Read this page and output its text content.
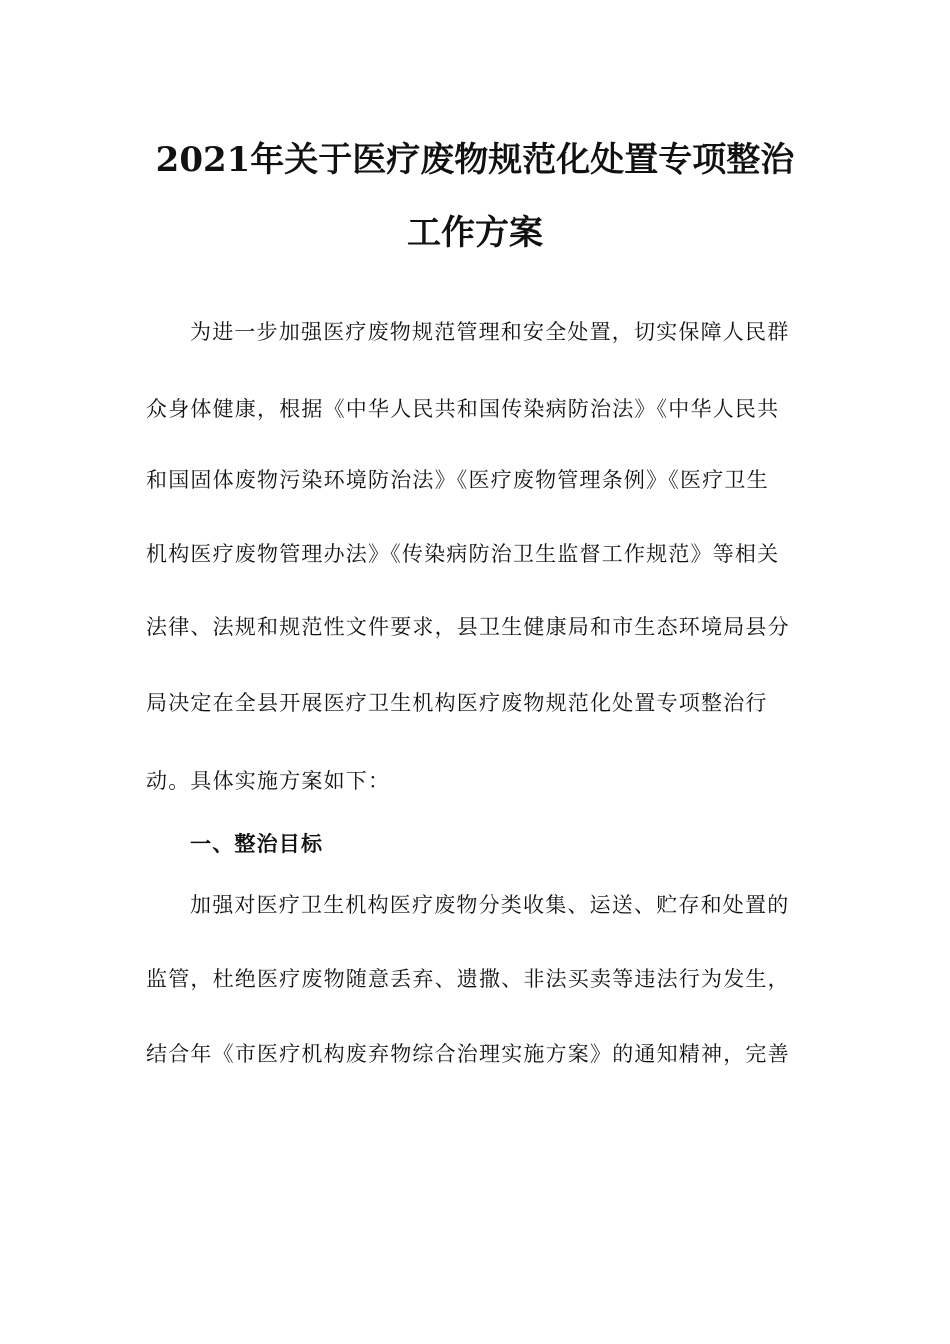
2021年关于医疗废物规范化处置专项整治
工作方案
为进一步加强医疗废物规范管理和安全处置，切实保障人民群
众身体健康，根据《中华人民共和国传染病防治法》《中华人民共
和国固体废物污染环境防治法》《医疗废物管理条例》《医疗卫生
机构医疗废物管理办法》《传染病防治卫生监督工作规范》等相关
法律、法规和规范性文件要求，县卫生健康局和市生态环境局县分
局决定在全县开展医疗卫生机构医疗废物规范化处置专项整治行
动。具体实施方案如下：
一、整治目标
加强对医疗卫生机构医疗废物分类收集、运送、贮存和处置的
监管，杜绝医疗废物随意丢弃、遗撒、非法买卖等违法行为发生，
结合年《市医疗机构废弃物综合治理实施方案》的通知精神，完善
